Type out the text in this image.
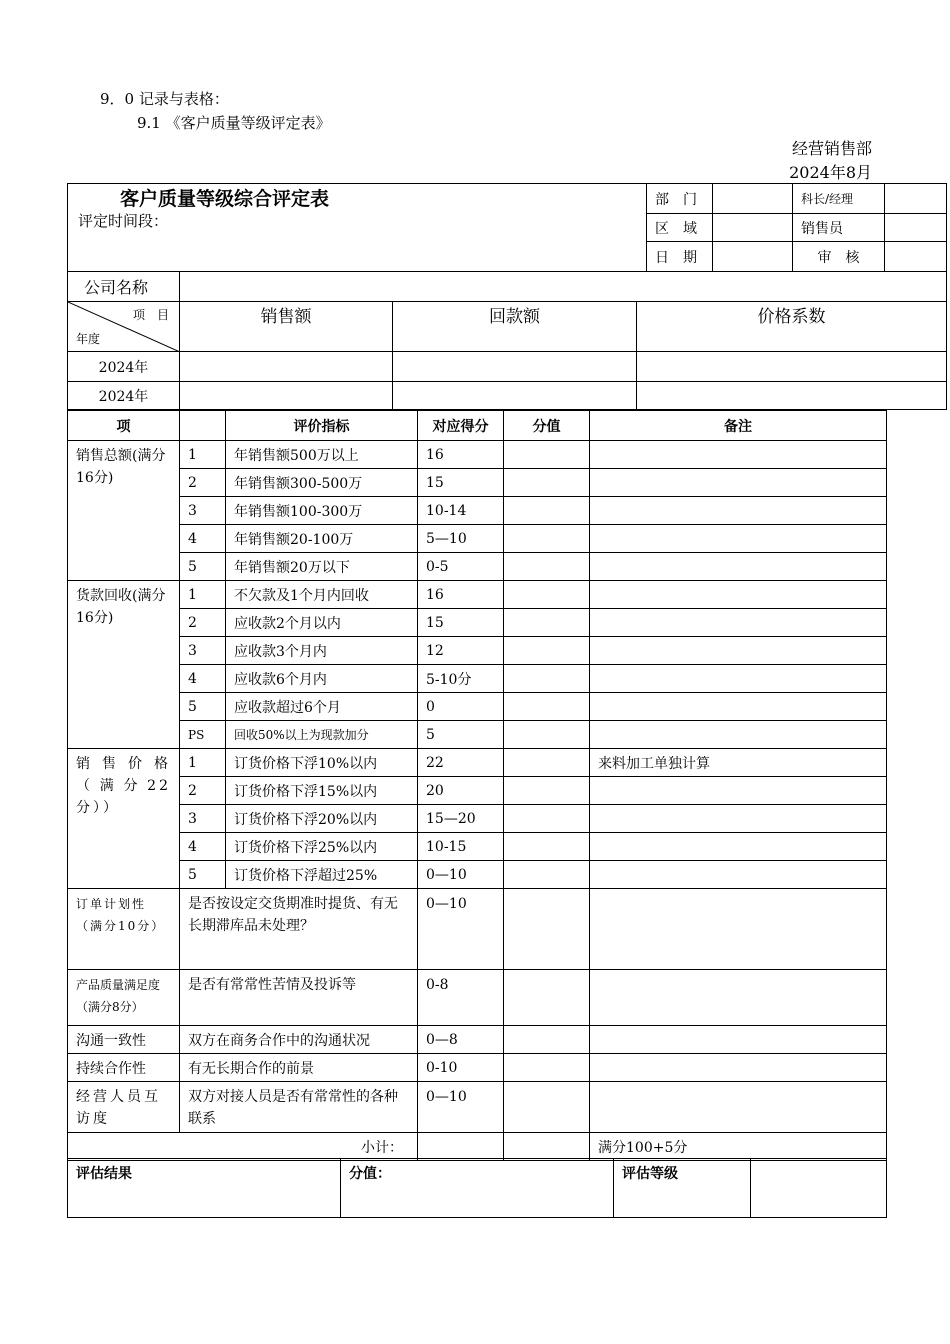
9．0 记录与表格：
9.1 《客户质量等级评定表》
经营销售部
2024年8月
客户质量等级综合评定表
评定时间段：				部　门		科长/经理	
				区　域		销售员	
				日　期		审　核	
公司名称							

项　目
年度	销售额	回款额	价格系数				
2024年							
2024年							
项		评价指标	对应得分	分值	备注
销售总额(满分16分)	1	年销售额500万以上	16		
	2	年销售额300-500万	15		
	3	年销售额100-300万	10-14		
	4	年销售额20-100万	5—10		
	5	年销售额20万以下	0-5		
货款回收(满分16分)	1	不欠款及1个月内回收	16		
	2	应收款2个月以内	15		
	3	应收款3个月内	12		
	4	应收款6个月内	5-10分		
	5	应收款超过6个月	0		
	PS	回收50%以上为现款加分	5		
销售价格（满分22分））	1	订货价格下浮10%以内	22		来料加工单独计算
	2	订货价格下浮15%以内	20		
	3	订货价格下浮20%以内	15—20		
	4	订货价格下浮25%以内	10-15		
	5	订货价格下浮超过25%	0—10		
订单计划性（满分10分）	是否按设定交货期准时提货、有无长期滞库品未处理？		0—10		
产品质量满足度（满分8分）	是否有常常性苦情及投诉等		0-8		
沟通一致性	双方在商务合作中的沟通状况		0—8		
持续合作性	有无长期合作的前景		0-10		
经营人员互访度	双方对接人员是否有常常性的各种联系		0—10		
小计：					满分100+5分
评估结果	分值：	评估等级	
